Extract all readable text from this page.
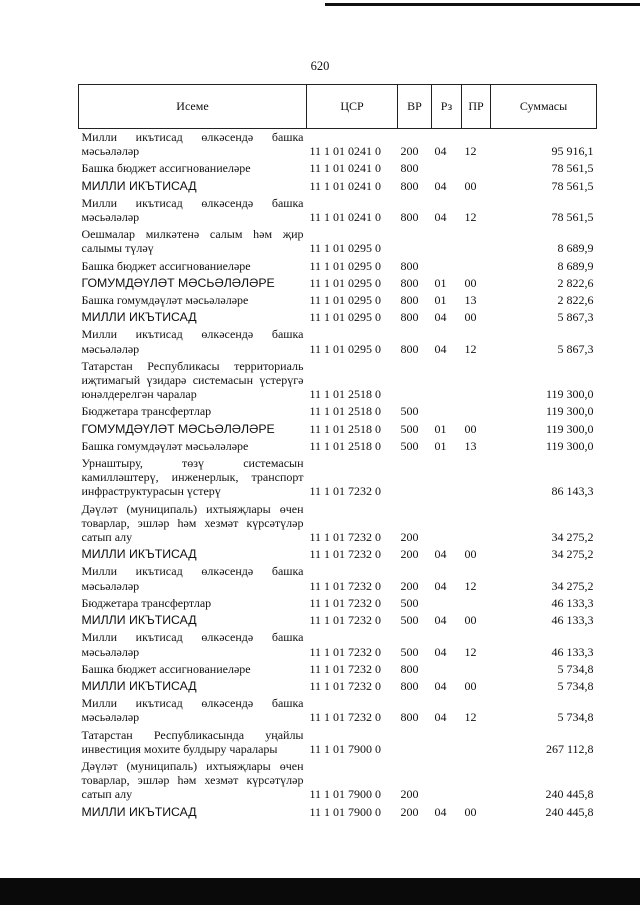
620
Исеме	ЦСР	ВР	Рз	ПР	Суммасы
Милли икътисад өлкәсендә башка мәсьәләләр	11 1 01 0241 0	200	04	12	95 916,1
Башка бюджет ассигнованиеләре	11 1 01 0241 0	800			78 561,5
МИЛЛИ ИКЪТИСАД	11 1 01 0241 0	800	04	00	78 561,5
Милли икътисад өлкәсендә башка мәсьәләләр	11 1 01 0241 0	800	04	12	78 561,5
Оешмалар милкәтенә салым һәм җир салымы түләү	11 1 01 0295 0				8 689,9
Башка бюджет ассигнованиеләре	11 1 01 0295 0	800			8 689,9
ГОМУМДӘҮЛӘТ МӘСЬӘЛӘЛӘРЕ	11 1 01 0295 0	800	01	00	2 822,6
Башка гомумдәүләт мәсьәләләре	11 1 01 0295 0	800	01	13	2 822,6
МИЛЛИ ИКЪТИСАД	11 1 01 0295 0	800	04	00	5 867,3
Милли икътисад өлкәсендә башка мәсьәләләр	11 1 01 0295 0	800	04	12	5 867,3
Татарстан Республикасы территориаль иҗтимагый үзидарә системасын үстерүгә юнәлдерелгән чаралар	11 1 01 2518 0				119 300,0
Бюджетара трансфертлар	11 1 01 2518 0	500			119 300,0
ГОМУМДӘҮЛӘТ МӘСЬӘЛӘЛӘРЕ	11 1 01 2518 0	500	01	00	119 300,0
Башка гомумдәүләт мәсьәләләре	11 1 01 2518 0	500	01	13	119 300,0
Урнаштыру, төзү системасын камилләштерү, инженерлык, транспорт инфраструктурасын үстерү	11 1 01 7232 0				86 143,3
Дәүләт (муниципаль) ихтыяҗлары өчен товарлар, эшләр һәм хезмәт күрсәтүләр сатып алу	11 1 01 7232 0	200			34 275,2
МИЛЛИ ИКЪТИСАД	11 1 01 7232 0	200	04	00	34 275,2
Милли икътисад өлкәсендә башка мәсьәләләр	11 1 01 7232 0	200	04	12	34 275,2
Бюджетара трансфертлар	11 1 01 7232 0	500			46 133,3
МИЛЛИ ИКЪТИСАД	11 1 01 7232 0	500	04	00	46 133,3
Милли икътисад өлкәсендә башка мәсьәләләр	11 1 01 7232 0	500	04	12	46 133,3
Башка бюджет ассигнованиеләре	11 1 01 7232 0	800			5 734,8
МИЛЛИ ИКЪТИСАД	11 1 01 7232 0	800	04	00	5 734,8
Милли икътисад өлкәсендә башка мәсьәләләр	11 1 01 7232 0	800	04	12	5 734,8
Татарстан Республикасында уңайлы инвестиция мохите булдыру чаралары	11 1 01 7900 0				267 112,8
Дәүләт (муниципаль) ихтыяҗлары өчен товарлар, эшләр һәм хезмәт күрсәтүләр сатып алу	11 1 01 7900 0	200			240 445,8
МИЛЛИ ИКЪТИСАД	11 1 01 7900 0	200	04	00	240 445,8
